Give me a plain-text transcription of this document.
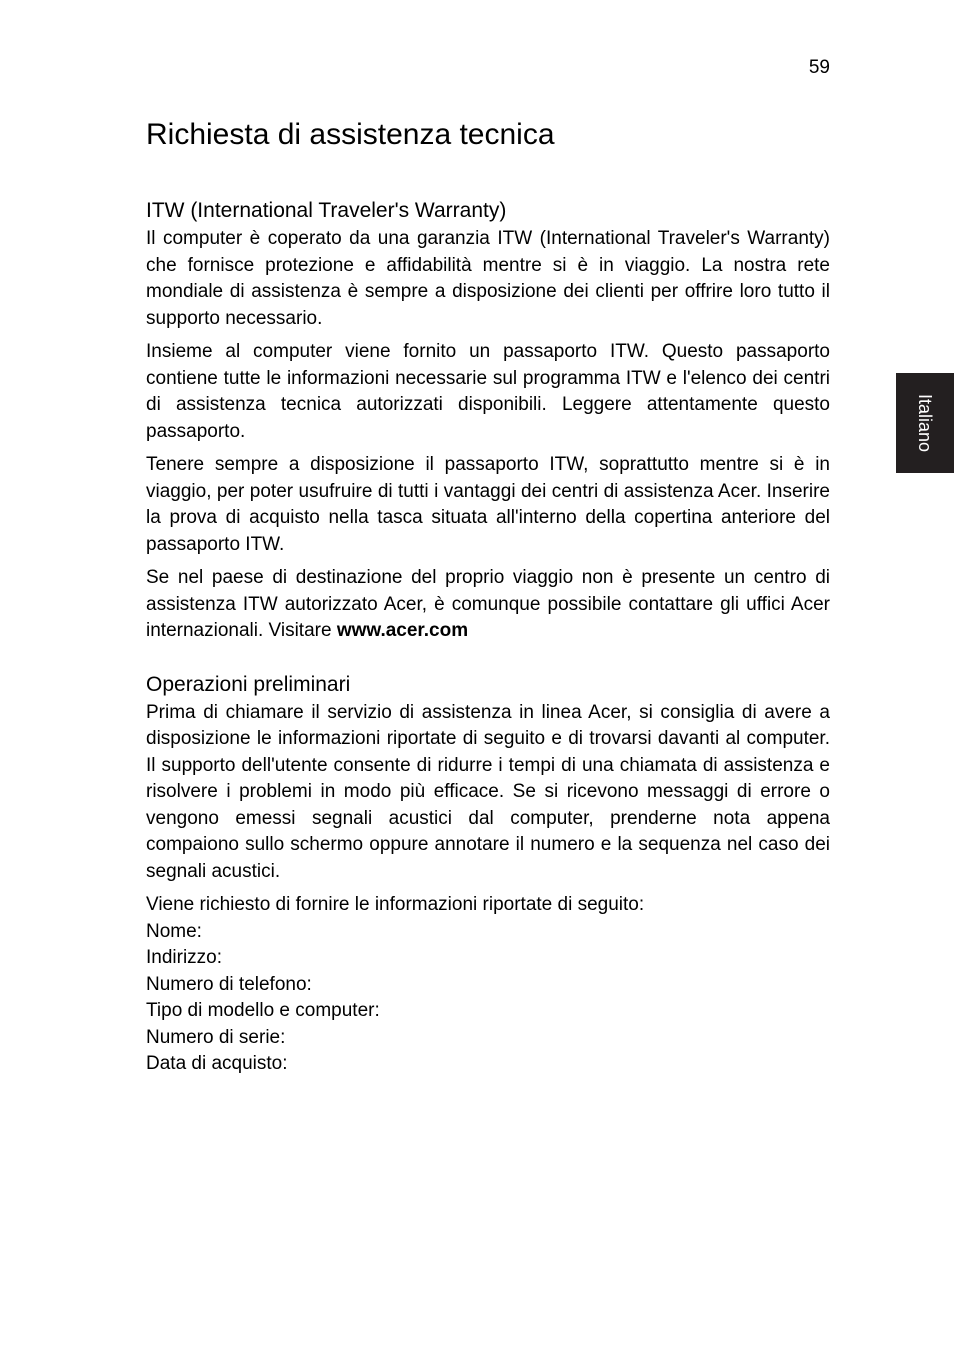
59
Italiano
Richiesta di assistenza tecnica
ITW (International Traveler's Warranty)

Il computer è coperato da una garanzia ITW (International Traveler's Warranty) che fornisce protezione e affidabilità mentre si è in viaggio. La nostra rete mondiale di assistenza è sempre a disposizione dei clienti per offrire loro tutto il supporto necessario.

Insieme al computer viene fornito un passaporto ITW. Questo passaporto contiene tutte le informazioni necessarie sul programma ITW e l'elenco dei centri di assistenza tecnica autorizzati disponibili. Leggere attentamente questo passaporto.

Tenere sempre a disposizione il passaporto ITW, soprattutto mentre si è in viaggio, per poter usufruire di tutti i vantaggi dei centri di assistenza Acer. Inserire la prova di acquisto nella tasca situata all'interno della copertina anteriore del passaporto ITW.

Se nel paese di destinazione del proprio viaggio non è presente un centro di assistenza ITW autorizzato Acer, è comunque possibile contattare gli uffici Acer internazionali. Visitare www.acer.com

Operazioni preliminari

Prima di chiamare il servizio di assistenza in linea Acer, si consiglia di avere a disposizione le informazioni riportate di seguito e di trovarsi davanti al computer. Il supporto dell'utente consente di ridurre i tempi di una chiamata di assistenza e risolvere i problemi in modo più efficace. Se si ricevono messaggi di errore o vengono emessi segnali acustici dal computer, prenderne nota appena compaiono sullo schermo oppure annotare il numero e la sequenza nel caso dei segnali acustici.

Viene richiesto di fornire le informazioni riportate di seguito:
Nome:
Indirizzo:
Numero di telefono:
Tipo di modello e computer:
Numero di serie:
Data di acquisto:
